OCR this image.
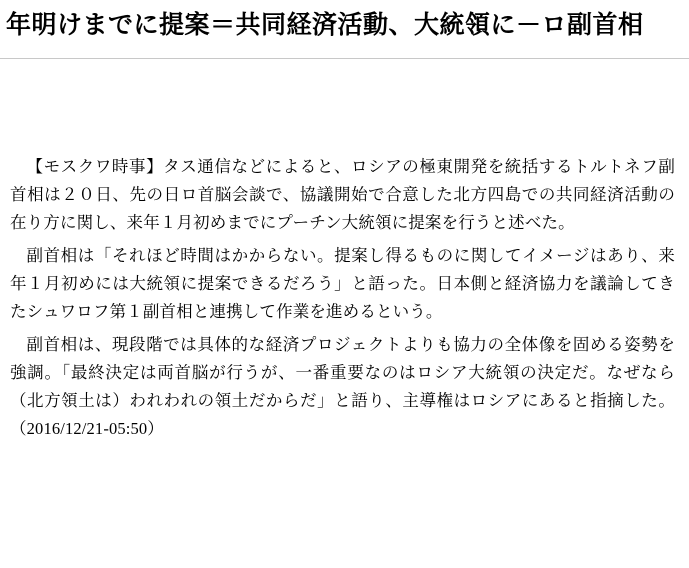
年明けまでに提案＝共同経済活動、大統領に－ロ副首相

【モスクワ時事】タス通信などによると、ロシアの極東開発を統括するトルトネフ副首相は２０日、先の日ロ首脳会談で、協議開始で合意した北方四島での共同経済活動の在り方に関し、来年１月初めまでにプーチン大統領に提案を行うと述べた。

副首相は「それほど時間はかからない。提案し得るものに関してイメージはあり、来年１月初めには大統領に提案できるだろう」と語った。日本側と経済協力を議論してきたシュワロフ第１副首相と連携して作業を進めるという。

副首相は、現段階では具体的な経済プロジェクトよりも協力の全体像を固める姿勢を強調。「最終決定は両首脳が行うが、一番重要なのはロシア大統領の決定だ。なぜなら（北方領土は）われわれの領土だからだ」と語り、主導権はロシアにあると指摘した。（2016/12/21-05:50）
